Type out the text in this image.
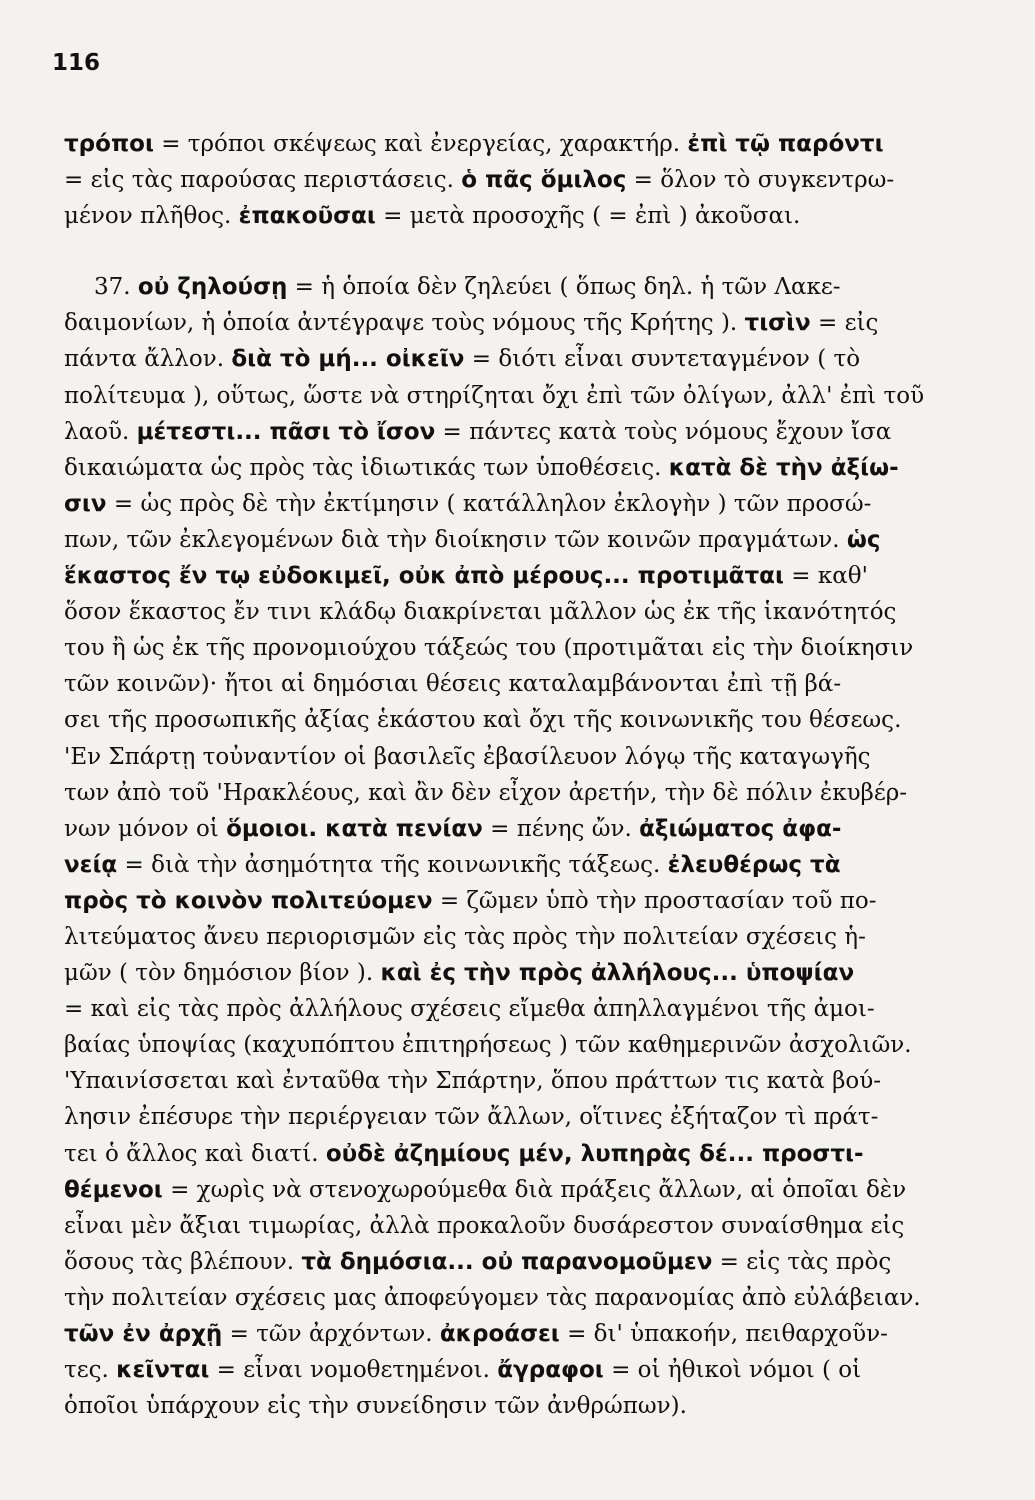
116
τρόποι = τρόποι σκέψεως καὶ ἐνεργείας, χαρακτήρ. ἐπὶ τῷ παρόντι
= εἰς τὰς παρούσας περιστάσεις. ὁ πᾶς ὅμιλος = ὅλον τὸ συγκεντρω-
μένον πλῆθος. ἐπακοῦσαι = μετὰ προσοχῆς ( = ἐπὶ ) ἀκοῦσαι.
37. οὐ ζηλούσῃ = ἡ ὁποία δὲν ζηλεύει ( ὅπως δηλ. ἡ τῶν Λακε-
δαιμονίων, ἡ ὁποία ἀντέγραψε τοὺς νόμους τῆς Κρήτης ). τισὶν = εἰς
πάντα ἄλλον. διὰ τὸ μή... οἰκεῖν = διότι εἶναι συντεταγμένον ( τὸ
πολίτευμα ), οὕτως, ὥστε νὰ στηρίζηται ὄχι ἐπὶ τῶν ὀλίγων, ἀλλ' ἐπὶ τοῦ
λαοῦ. μέτεστι... πᾶσι τὸ ἴσον = πάντες κατὰ τοὺς νόμους ἔχουν ἴσα
δικαιώματα ὡς πρὸς τὰς ἰδιωτικάς των ὑποθέσεις. κατὰ δὲ τὴν ἀξίω-
σιν = ὡς πρὸς δὲ τὴν ἐκτίμησιν ( κατάλληλον ἐκλογὴν ) τῶν προσώ-
πων, τῶν ἐκλεγομένων διὰ τὴν διοίκησιν τῶν κοινῶν πραγμάτων. ὡς
ἕκαστος ἔν τῳ εὐδοκιμεῖ, οὐκ ἀπὸ μέρους... προτιμᾶται = καθ'
ὅσον ἕκαστος ἔν τινι κλάδῳ διακρίνεται μᾶλλον ὡς ἐκ τῆς ἱκανότητός
του ἢ ὡς ἐκ τῆς προνομιούχου τάξεώς του (προτιμᾶται εἰς τὴν διοίκησιν
τῶν κοινῶν)· ἤτοι αἱ δημόσιαι θέσεις καταλαμβάνονται ἐπὶ τῇ βά-
σει τῆς προσωπικῆς ἀξίας ἑκάστου καὶ ὄχι τῆς κοινωνικῆς του θέσεως.
'Εν Σπάρτῃ τοὐναντίον οἱ βασιλεῖς ἐβασίλευον λόγῳ τῆς καταγωγῆς
των ἀπὸ τοῦ 'Ηρακλέους, καὶ ἂν δὲν εἶχον ἀρετήν, τὴν δὲ πόλιν ἐκυβέρ-
νων μόνον οἱ ὅμοιοι. κατὰ πενίαν = πένης ὤν. ἀξιώματος ἀφα-
νείᾳ = διὰ τὴν ἀσημότητα τῆς κοινωνικῆς τάξεως. ἐλευθέρως τὰ
πρὸς τὸ κοινὸν πολιτεύομεν = ζῶμεν ὑπὸ τὴν προστασίαν τοῦ πο-
λιτεύματος ἄνευ περιορισμῶν εἰς τὰς πρὸς τὴν πολιτείαν σχέσεις ἡ-
μῶν ( τὸν δημόσιον βίον ). καὶ ἐς τὴν πρὸς ἀλλήλους... ὑποψίαν
= καὶ εἰς τὰς πρὸς ἀλλήλους σχέσεις εἴμεθα ἀπηλλαγμένοι τῆς ἀμοι-
βαίας ὑποψίας (καχυπόπτου ἐπιτηρήσεως ) τῶν καθημερινῶν ἀσχολιῶν.
'Υπαινίσσεται καὶ ἐνταῦθα τὴν Σπάρτην, ὅπου πράττων τις κατὰ βού-
λησιν ἐπέσυρε τὴν περιέργειαν τῶν ἄλλων, οἵτινες ἐξήταζον τὶ πράτ-
τει ὁ ἄλλος καὶ διατί. οὐδὲ ἀζημίους μέν, λυπηρὰς δέ... προστι-
θέμενοι = χωρὶς νὰ στενοχωρούμεθα διὰ πράξεις ἄλλων, αἱ ὁποῖαι δὲν
εἶναι μὲν ἄξιαι τιμωρίας, ἀλλὰ προκαλοῦν δυσάρεστον συναίσθημα εἰς
ὅσους τὰς βλέπουν. τὰ δημόσια... οὐ παρανομοῦμεν = εἰς τὰς πρὸς
τὴν πολιτείαν σχέσεις μας ἀποφεύγομεν τὰς παρανομίας ἀπὸ εὐλάβειαν.
τῶν ἐν ἀρχῇ = τῶν ἀρχόντων. ἀκροάσει = δι' ὑπακοήν, πειθαρχοῦν-
τες. κεῖνται = εἶναι νομοθετημένοι. ἄγραφοι = οἱ ἠθικοὶ νόμοι ( οἱ
ὁποῖοι ὑπάρχουν εἰς τὴν συνείδησιν τῶν ἀνθρώπων).
